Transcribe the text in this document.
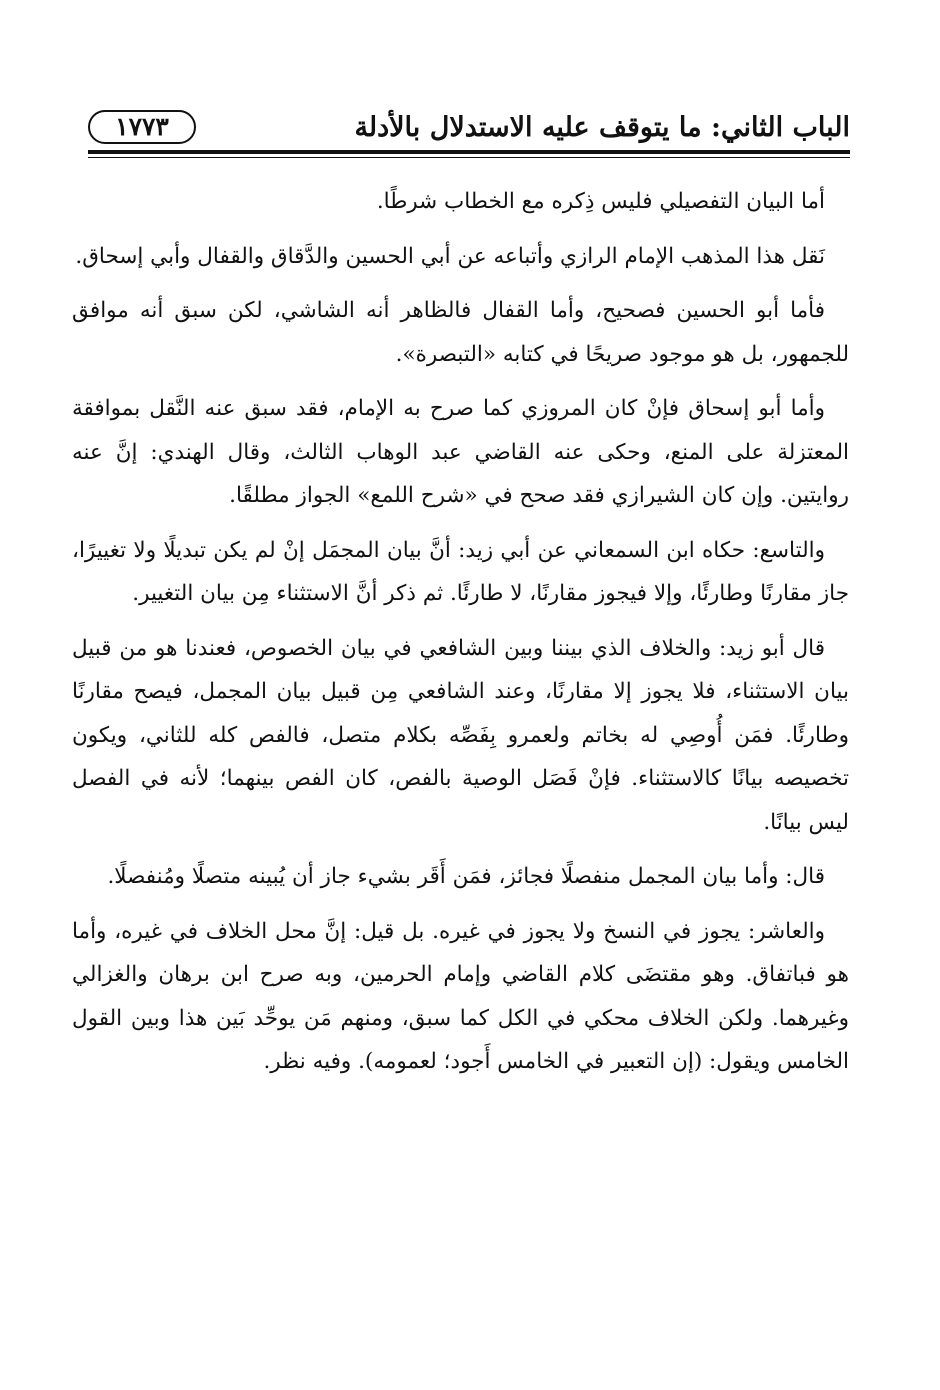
الباب الثاني: ما يتوقف عليه الاستدلال بالأدلة
١٧٧٣

أما البيان التفصيلي فليس ذِكره مع الخطاب شرطًا.

نَقل هذا المذهب الإمام الرازي وأتباعه عن أبي الحسين والدَّقاق والقفال وأبي إسحاق.

فأما أبو الحسين فصحيح، وأما القفال فالظاهر أنه الشاشي، لكن سبق أنه موافق للجمهور، بل هو موجود صريحًا في كتابه «التبصرة».

وأما أبو إسحاق فإنْ كان المروزي كما صرح به الإمام، فقد سبق عنه النَّقل بموافقة المعتزلة على المنع، وحكى عنه القاضي عبد الوهاب الثالث، وقال الهندي: إنَّ عنه روايتين. وإن كان الشيرازي فقد صحح في «شرح اللمع» الجواز مطلقًا.

والتاسع: حكاه ابن السمعاني عن أبي زيد: أنَّ بيان المجمَل إنْ لم يكن تبديلًا ولا تغييرًا، جاز مقارنًا وطارئًا، وإلا فيجوز مقارنًا، لا طارئًا. ثم ذكر أنَّ الاستثناء مِن بيان التغيير.

قال أبو زيد: والخلاف الذي بيننا وبين الشافعي في بيان الخصوص، فعندنا هو من قبيل بيان الاستثناء، فلا يجوز إلا مقارنًا، وعند الشافعي مِن قبيل بيان المجمل، فيصح مقارنًا وطارئًا. فمَن أُوصِي له بخاتم ولعمرو بِفَصِّه بكلام متصل، فالفص كله للثاني، ويكون تخصيصه بيانًا كالاستثناء. فإنْ فَصَل الوصية بالفص، كان الفص بينهما؛ لأنه في الفصل ليس بيانًا.

قال: وأما بيان المجمل منفصلًا فجائز، فمَن أَقَر بشيء جاز أن يُبينه متصلًا ومُنفصلًا.

والعاشر: يجوز في النسخ ولا يجوز في غيره. بل قيل: إنَّ محل الخلاف في غيره، وأما هو فباتفاق. وهو مقتضَى كلام القاضي وإمام الحرمين، وبه صرح ابن برهان والغزالي وغيرهما. ولكن الخلاف محكي في الكل كما سبق، ومنهم مَن يوحِّد بَين هذا وبين القول الخامس ويقول: (إن التعبير في الخامس أَجود؛ لعمومه). وفيه نظر.
